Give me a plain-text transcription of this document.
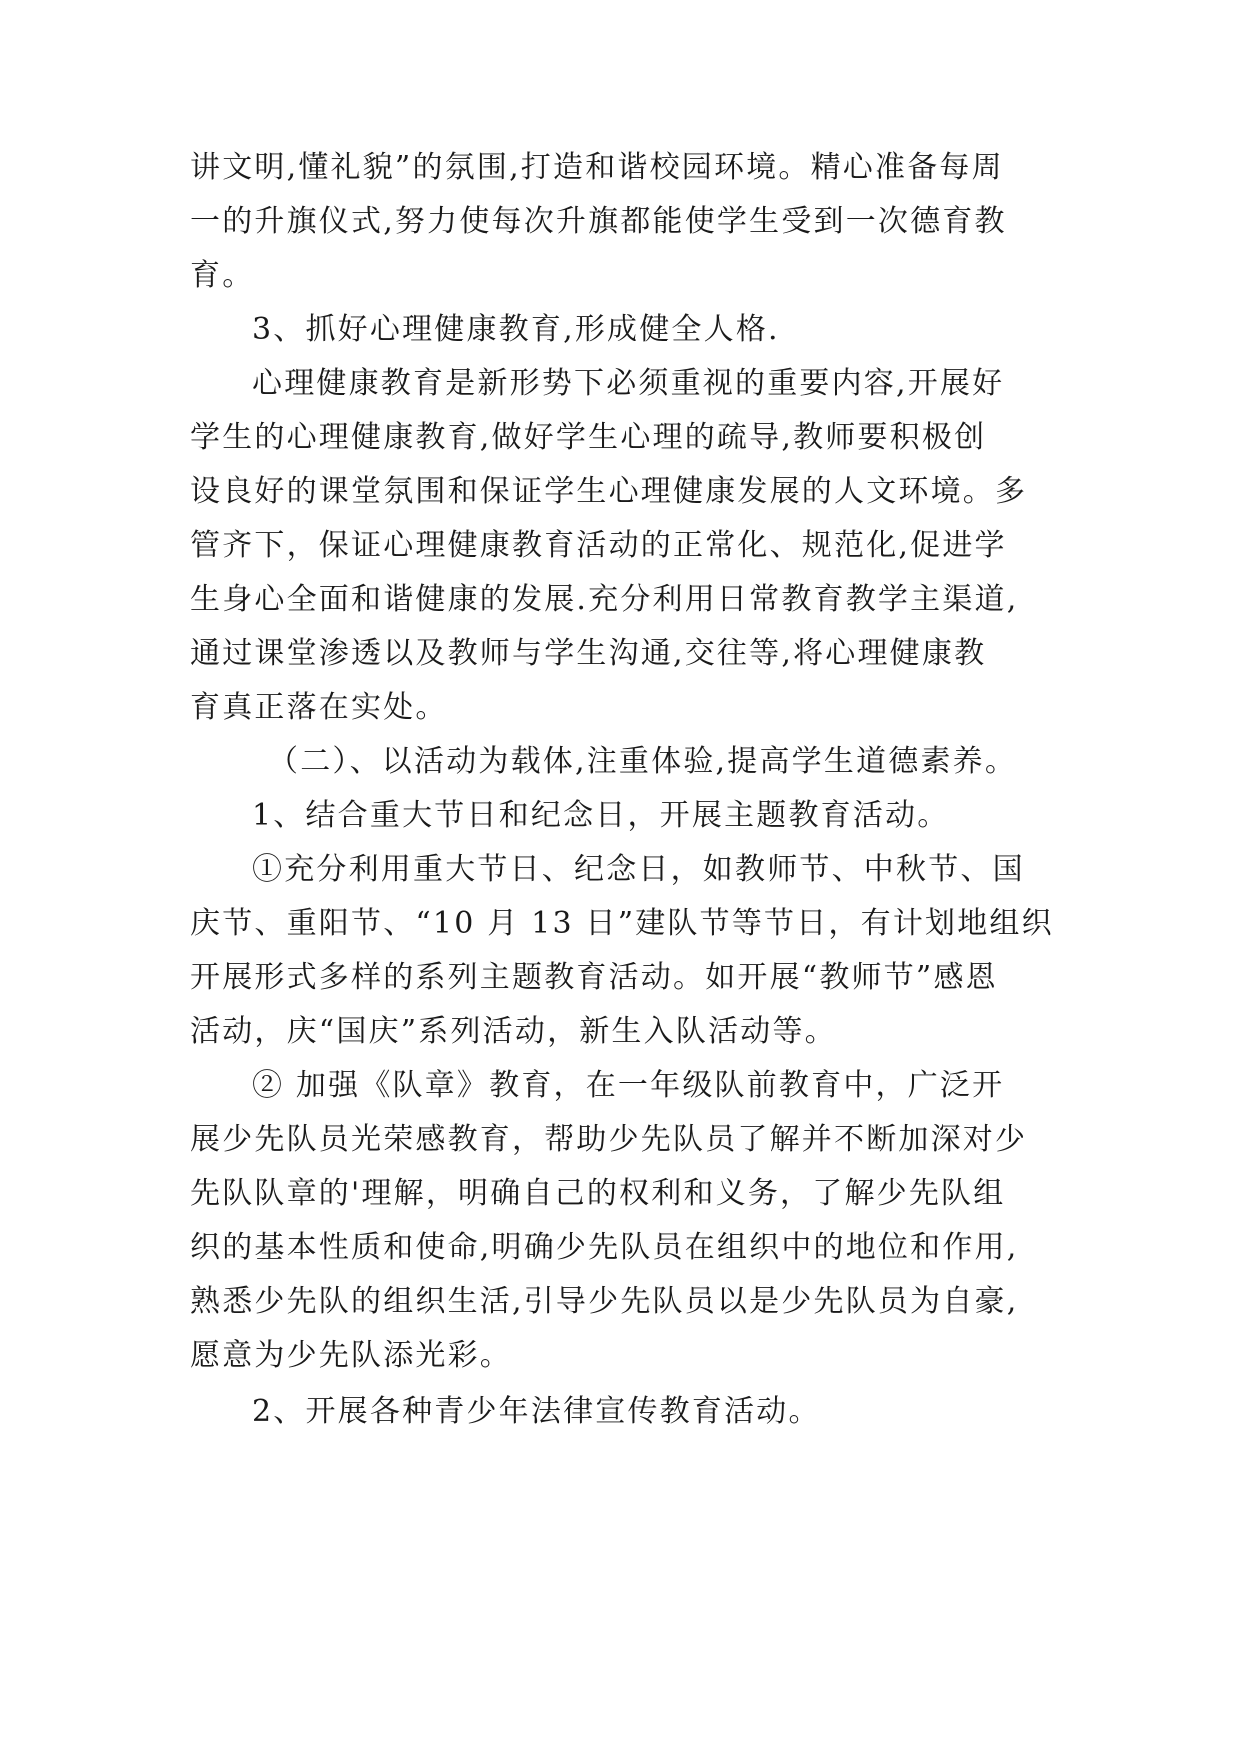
讲文明,懂礼貌”的氛围,打造和谐校园环境。精心准备每周
一的升旗仪式,努力使每次升旗都能使学生受到一次德育教
育。
3、抓好心理健康教育,形成健全人格.
心理健康教育是新形势下必须重视的重要内容,开展好
学生的心理健康教育,做好学生心理的疏导,教师要积极创
设良好的课堂氛围和保证学生心理健康发展的人文环境。多
管齐下，保证心理健康教育活动的正常化、规范化,促进学
生身心全面和谐健康的发展.充分利用日常教育教学主渠道,
通过课堂渗透以及教师与学生沟通,交往等,将心理健康教
育真正落在实处。
（二）、以活动为载体,注重体验,提高学生道德素养。
1、结合重大节日和纪念日，开展主题教育活动。
①充分利用重大节日、纪念日，如教师节、中秋节、国
庆节、重阳节、“10 月 13 日”建队节等节日，有计划地组织
开展形式多样的系列主题教育活动。如开展“教师节”感恩
活动，庆“国庆”系列活动，新生入队活动等。
② 加强《队章》教育，在一年级队前教育中，广泛开
展少先队员光荣感教育，帮助少先队员了解并不断加深对少
先队队章的'理解，明确自己的权利和义务，了解少先队组
织的基本性质和使命,明确少先队员在组织中的地位和作用,
熟悉少先队的组织生活,引导少先队员以是少先队员为自豪,
愿意为少先队添光彩。
2、开展各种青少年法律宣传教育活动。
